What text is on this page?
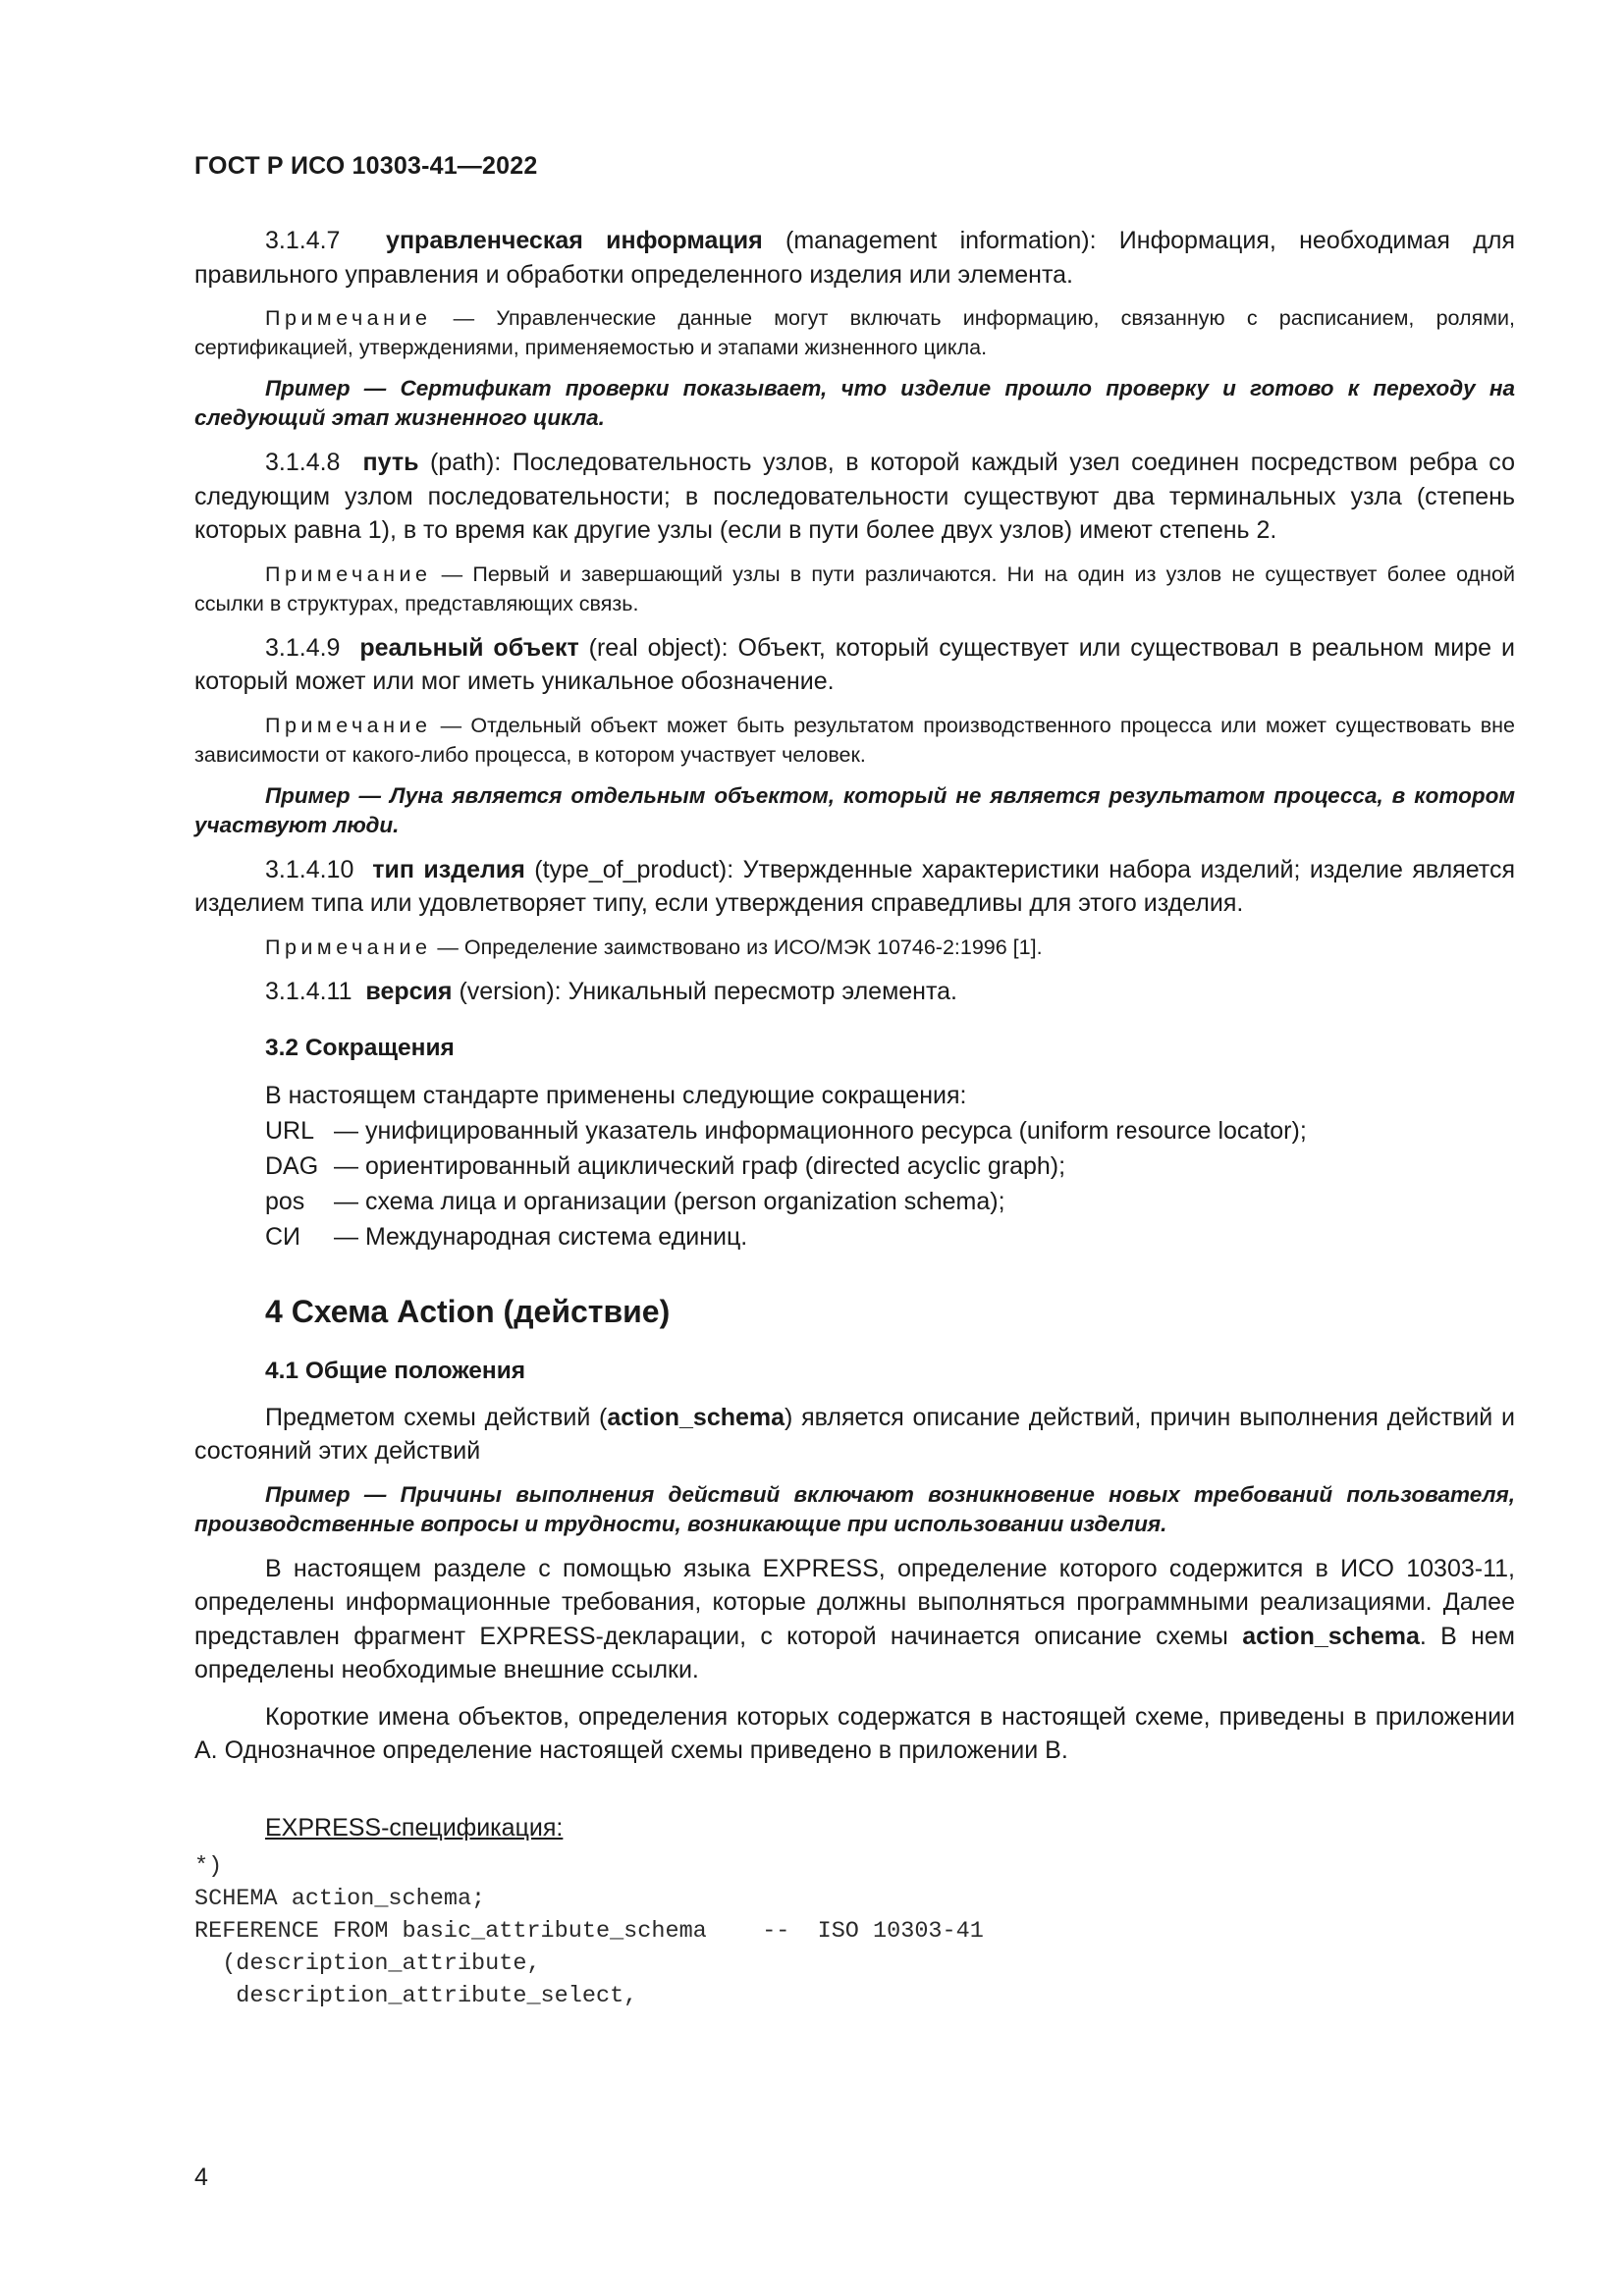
ГОСТ Р ИСО 10303-41—2022

3.1.4.7 управленческая информация (management information): Информация, необходимая для правильного управления и обработки определенного изделия или элемента.

Примечание — Управленческие данные могут включать информацию, связанную с расписанием, ролями, сертификацией, утверждениями, применяемостью и этапами жизненного цикла.

Пример — Сертификат проверки показывает, что изделие прошло проверку и готово к переходу на следующий этап жизненного цикла.

3.1.4.8 путь (path): Последовательность узлов, в которой каждый узел соединен посредством ребра со следующим узлом последовательности; в последовательности существуют два терминальных узла (степень которых равна 1), в то время как другие узлы (если в пути более двух узлов) имеют степень 2.

Примечание — Первый и завершающий узлы в пути различаются. Ни на один из узлов не существует более одной ссылки в структурах, представляющих связь.

3.1.4.9 реальный объект (real object): Объект, который существует или существовал в реальном мире и который может или мог иметь уникальное обозначение.

Примечание — Отдельный объект может быть результатом производственного процесса или может существовать вне зависимости от какого-либо процесса, в котором участвует человек.

Пример — Луна является отдельным объектом, который не является результатом процесса, в котором участвуют люди.

3.1.4.10 тип изделия (type_of_product): Утвержденные характеристики набора изделий; изделие является изделием типа или удовлетворяет типу, если утверждения справедливы для этого изделия.

Примечание — Определение заимствовано из ИСО/МЭК 10746-2:1996 [1].

3.1.4.11 версия (version): Уникальный пересмотр элемента.

3.2 Сокращения
В настоящем стандарте применены следующие сокращения:
URL — унифицированный указатель информационного ресурса (uniform resource locator);
DAG — ориентированный ациклический граф (directed acyclic graph);
pos	— схема лица и организации (person organization schema);
СИ	— Международная система единиц.
4 Схема Action (действие)
4.1 Общие положения

Предметом схемы действий (action_schema) является описание действий, причин выполнения действий и состояний этих действий

Пример — Причины выполнения действий включают возникновение новых требований пользователя, производственные вопросы и трудности, возникающие при использовании изделия.

В настоящем разделе с помощью языка EXPRESS, определение которого содержится в ИСО 10303-11, определены информационные требования, которые должны выполняться программными реализациями. Далее представлен фрагмент EXPRESS-декларации, с которой начинается описание схемы action_schema. В нем определены необходимые внешние ссылки.

Короткие имена объектов, определения которых содержатся в настоящей схеме, приведены в приложении А. Однозначное определение настоящей схемы приведено в приложении В.

EXPRESS-спецификация:
*)
SCHEMA action_schema;
REFERENCE FROM basic_attribute_schema    --  ISO 10303-41
(description_attribute,
description_attribute_select,
4
